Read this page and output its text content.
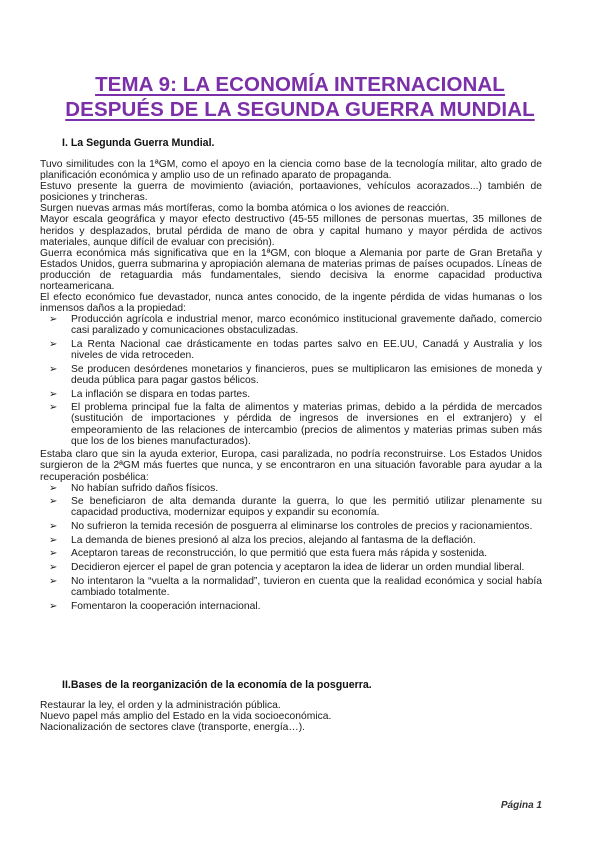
TEMA 9: LA ECONOMÍA INTERNACIONAL
DESPUÉS DE LA SEGUNDA GUERRA MUNDIAL
I. La Segunda Guerra Mundial.

Tuvo similitudes con la 1ªGM, como el apoyo en la ciencia como base de la tecnología militar, alto grado de planificación económica y amplio uso de un refinado aparato de propaganda.

Estuvo presente la guerra de movimiento (aviación, portaaviones, vehículos acorazados...) también de posiciones y trincheras.

Surgen nuevas armas más mortíferas, como la bomba atómica o los aviones de reacción.

Mayor escala geográfica y mayor efecto destructivo (45-55 millones de personas muertas, 35 millones de heridos y desplazados, brutal pérdida de mano de obra y capital humano y mayor pérdida de activos materiales, aunque difícil de evaluar con precisión).

Guerra económica más significativa que en la 1ªGM, con bloque a Alemania por parte de Gran Bretaña y Estados Unidos, guerra submarina y apropiación alemana de materias primas de países ocupados. Líneas de producción de retaguardia más fundamentales, siendo decisiva la enorme capacidad productiva norteamericana.

El efecto económico fue devastador, nunca antes conocido, de la ingente pérdida de vidas humanas o los inmensos daños a la propiedad:

➢ Producción agrícola e industrial menor, marco económico institucional gravemente dañado, comercio casi paralizado y comunicaciones obstaculizadas.
➢ La Renta Nacional cae drásticamente en todas partes salvo en EE.UU, Canadá y Australia y los niveles de vida retroceden.
➢ Se producen desórdenes monetarios y financieros, pues se multiplicaron las emisiones de moneda y deuda pública para pagar gastos bélicos.
➢ La inflación se dispara en todas partes.
➢ El problema principal fue la falta de alimentos y materias primas, debido a la pérdida de mercados (sustitución de importaciones y pérdida de ingresos de inversiones en el extranjero) y el empeoramiento de las relaciones de intercambio (precios de alimentos y materias primas suben más que los de los bienes manufacturados).

Estaba claro que sin la ayuda exterior, Europa, casi paralizada, no podría reconstruirse. Los Estados Unidos surgieron de la 2ªGM más fuertes que nunca, y se encontraron en una situación favorable para ayudar a la recuperación posbélica:

➢ No habían sufrido daños físicos.
➢ Se beneficiaron de alta demanda durante la guerra, lo que les permitió utilizar plenamente su capacidad productiva, modernizar equipos y expandir su economía.
➢ No sufrieron la temida recesión de posguerra al eliminarse los controles de precios y racionamientos.
➢ La demanda de bienes presionó al alza los precios, alejando al fantasma de la deflación.
➢ Aceptaron tareas de reconstrucción, lo que permitió que esta fuera más rápida y sostenida.
➢ Decidieron ejercer el papel de gran potencia y aceptaron la idea de liderar un orden mundial liberal.
➢ No intentaron la “vuelta a la normalidad”, tuvieron en cuenta que la realidad económica y social había cambiado totalmente.
➢ Fomentaron la cooperación internacional.
II.Bases de la reorganización de la economía de la posguerra.

Restaurar la ley, el orden y la administración pública.

Nuevo papel más amplio del Estado en la vida socioeconómica.

Nacionalización de sectores clave (transporte, energía…).

Página 1
